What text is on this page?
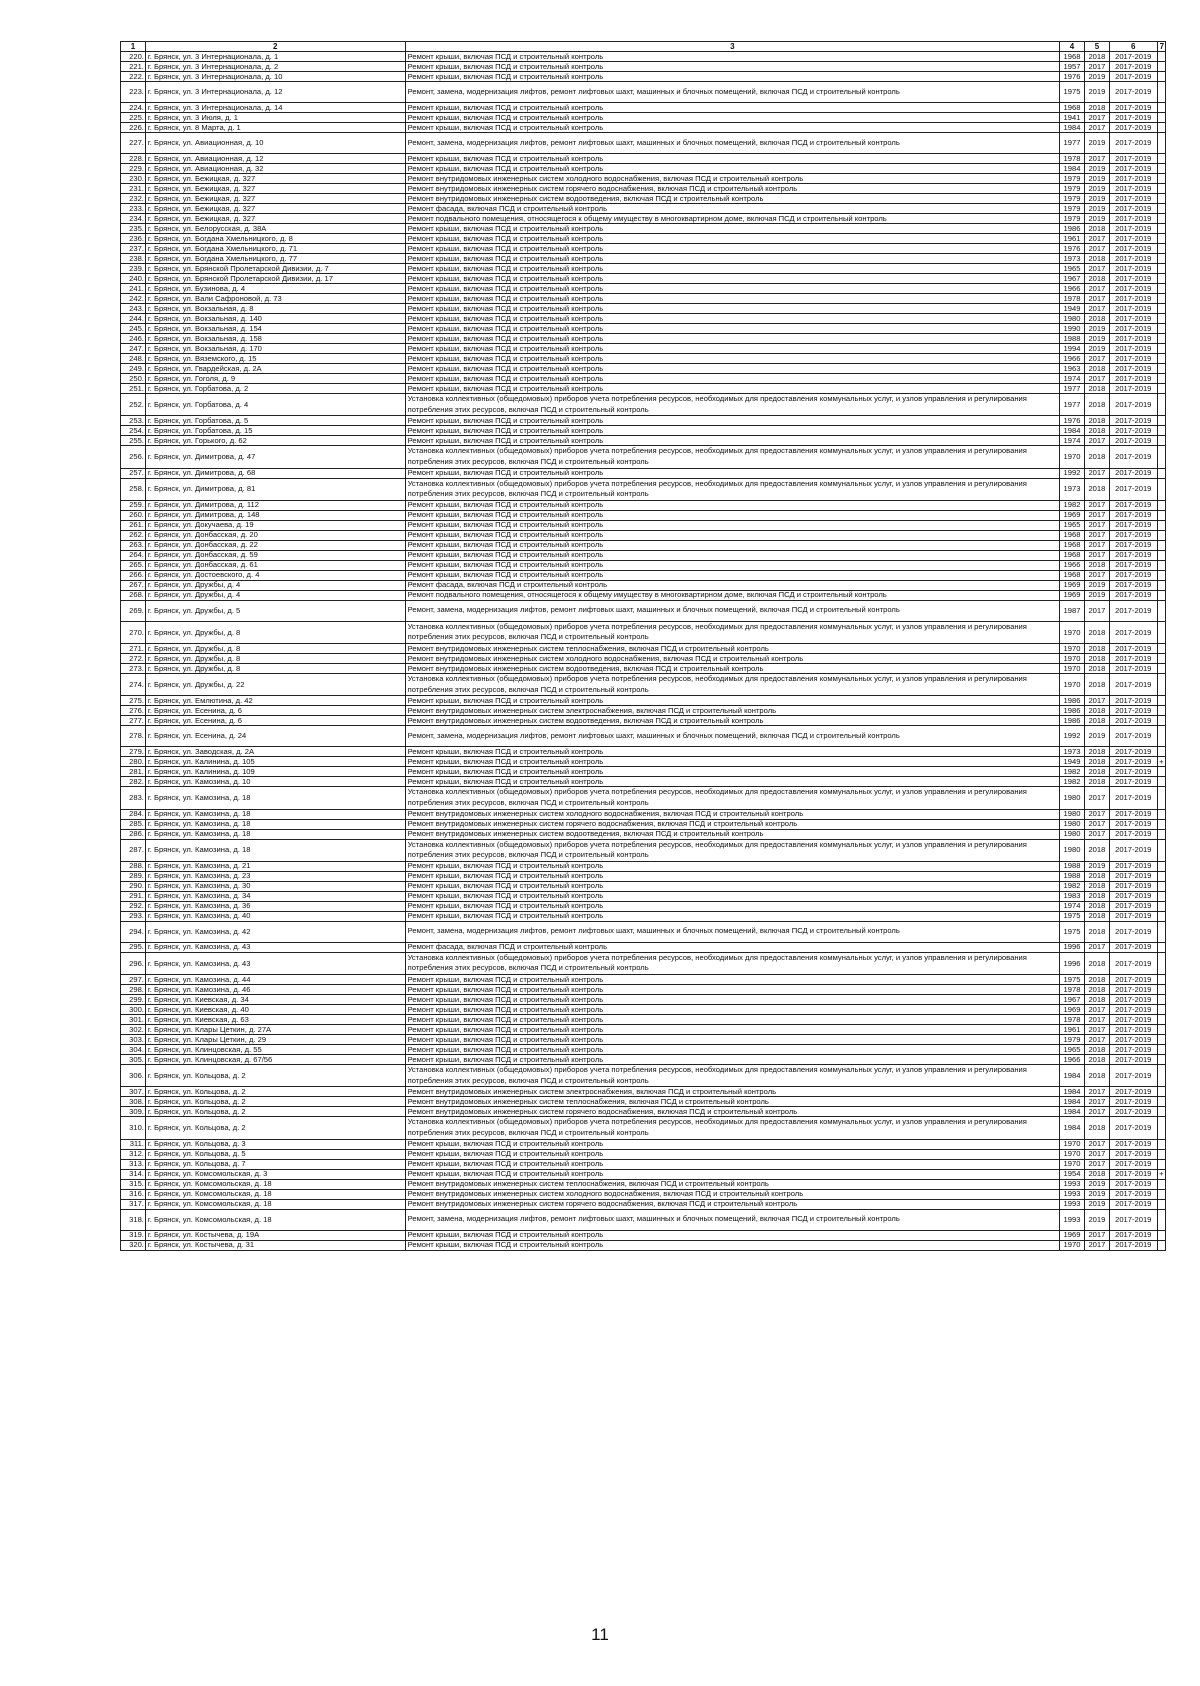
1	2	3	4	5	6	7
220.	г. Брянск, ул. 3 Интернационала, д. 1	Ремонт крыши, включая ПСД и строительный контроль	1968	2018	2017-2019	
221.	г. Брянск, ул. 3 Интернационала, д. 2	Ремонт крыши, включая ПСД и строительный контроль	1957	2017	2017-2019	
222.	г. Брянск, ул. 3 Интернационала, д. 10	Ремонт крыши, включая ПСД и строительный контроль	1976	2019	2017-2019	
223.	г. Брянск, ул. 3 Интернационала, д. 12	Ремонт, замена, модернизация лифтов, ремонт лифтовых шахт, машинных и блочных помещений, включая ПСД и строительный контроль	1975	2019	2017-2019	
224.	г. Брянск, ул. 3 Интернационала, д. 14	Ремонт крыши, включая ПСД и строительный контроль	1968	2018	2017-2019	
225.	г. Брянск, ул. 3 Июля, д. 1	Ремонт крыши, включая ПСД и строительный контроль	1941	2017	2017-2019	
226.	г. Брянск, ул. 8 Марта, д. 1	Ремонт крыши, включая ПСД и строительный контроль	1984	2017	2017-2019	
227.	г. Брянск, ул. Авиационная, д. 10	Ремонт, замена, модернизация лифтов, ремонт лифтовых шахт, машинных и блочных помещений, включая ПСД и строительный контроль	1977	2019	2017-2019	
228.	г. Брянск, ул. Авиационная, д. 12	Ремонт крыши, включая ПСД и строительный контроль	1978	2017	2017-2019	
229.	г. Брянск, ул. Авиационная, д. 32	Ремонт крыши, включая ПСД и строительный контроль	1984	2019	2017-2019	
230.	г. Брянск, ул. Бежицкая, д. 327	Ремонт внутридомовых инженерных систем холодного водоснабжения, включая ПСД и строительный контроль	1979	2019	2017-2019	
231.	г. Брянск, ул. Бежицкая, д. 327	Ремонт внутридомовых инженерных систем горячего водоснабжения, включая ПСД и строительный контроль	1979	2019	2017-2019	
232.	г. Брянск, ул. Бежицкая, д. 327	Ремонт внутридомовых инженерных систем водоотведения, включая ПСД и строительный контроль	1979	2019	2017-2019	
233.	г. Брянск, ул. Бежицкая, д. 327	Ремонт фасада, включая ПСД и строительный контроль	1979	2019	2017-2019	
234.	г. Брянск, ул. Бежицкая, д. 327	Ремонт подвального помещения, относящегося к общему имуществу в многоквартирном доме, включая ПСД и строительный контроль	1979	2019	2017-2019	
235.	г. Брянск, ул. Белорусская, д. 38А	Ремонт крыши, включая ПСД и строительный контроль	1986	2018	2017-2019	
236.	г. Брянск, ул. Богдана Хмельницкого, д. 8	Ремонт крыши, включая ПСД и строительный контроль	1961	2017	2017-2019	
237.	г. Брянск, ул. Богдана Хмельницкого, д. 71	Ремонт крыши, включая ПСД и строительный контроль	1976	2017	2017-2019	
238.	г. Брянск, ул. Богдана Хмельницкого, д. 77	Ремонт крыши, включая ПСД и строительный контроль	1973	2018	2017-2019	
239.	г. Брянск, ул. Брянской Пролетарской Дивизии, д. 7	Ремонт крыши, включая ПСД и строительный контроль	1965	2017	2017-2019	
240.	г. Брянск, ул. Брянской Пролетарской Дивизии, д. 17	Ремонт крыши, включая ПСД и строительный контроль	1967	2018	2017-2019	
241.	г. Брянск, ул. Бузинова, д. 4	Ремонт крыши, включая ПСД и строительный контроль	1966	2017	2017-2019	
242.	г. Брянск, ул. Вали Сафроновой, д. 73	Ремонт крыши, включая ПСД и строительный контроль	1978	2017	2017-2019	
243.	г. Брянск, ул. Вокзальная, д. 8	Ремонт крыши, включая ПСД и строительный контроль	1949	2017	2017-2019	
244.	г. Брянск, ул. Вокзальная, д. 140	Ремонт крыши, включая ПСД и строительный контроль	1980	2018	2017-2019	
245.	г. Брянск, ул. Вокзальная, д. 154	Ремонт крыши, включая ПСД и строительный контроль	1990	2019	2017-2019	
246.	г. Брянск, ул. Вокзальная, д. 158	Ремонт крыши, включая ПСД и строительный контроль	1988	2019	2017-2019	
247.	г. Брянск, ул. Вокзальная, д. 170	Ремонт крыши, включая ПСД и строительный контроль	1994	2019	2017-2019	
248.	г. Брянск, ул. Вяземского, д. 15	Ремонт крыши, включая ПСД и строительный контроль	1966	2017	2017-2019	
249.	г. Брянск, ул. Гвардейская, д. 2А	Ремонт крыши, включая ПСД и строительный контроль	1963	2018	2017-2019	
250.	г. Брянск, ул. Гоголя, д. 9	Ремонт крыши, включая ПСД и строительный контроль	1974	2017	2017-2019	
251.	г. Брянск, ул. Горбатова, д. 2	Ремонт крыши, включая ПСД и строительный контроль	1977	2018	2017-2019	
252.	г. Брянск, ул. Горбатова, д. 4	Установка коллективных (общедомовых) приборов учета потребления ресурсов, необходимых для предоставления коммунальных услуг, и узлов управления и регулирования потребления этих ресурсов, включая ПСД и строительный контроль	1977	2018	2017-2019	
253.	г. Брянск, ул. Горбатова, д. 5	Ремонт крыши, включая ПСД и строительный контроль	1976	2018	2017-2019	
254.	г. Брянск, ул. Горбатова, д. 15	Ремонт крыши, включая ПСД и строительный контроль	1984	2018	2017-2019	
255.	г. Брянск, ул. Горького, д. 62	Ремонт крыши, включая ПСД и строительный контроль	1974	2017	2017-2019	
256.	г. Брянск, ул. Димитрова, д. 47	Установка коллективных (общедомовых) приборов учета потребления ресурсов, необходимых для предоставления коммунальных услуг, и узлов управления и регулирования потребления этих ресурсов, включая ПСД и строительный контроль	1970	2018	2017-2019	
257.	г. Брянск, ул. Димитрова, д. 68	Ремонт крыши, включая ПСД и строительный контроль	1992	2017	2017-2019	
258.	г. Брянск, ул. Димитрова, д. 81	Установка коллективных (общедомовых) приборов учета потребления ресурсов, необходимых для предоставления коммунальных услуг, и узлов управления и регулирования потребления этих ресурсов, включая ПСД и строительный контроль	1973	2018	2017-2019	
259.	г. Брянск, ул. Димитрова, д. 112	Ремонт крыши, включая ПСД и строительный контроль	1982	2017	2017-2019	
260.	г. Брянск, ул. Димитрова, д. 148	Ремонт крыши, включая ПСД и строительный контроль	1969	2017	2017-2019	
261.	г. Брянск, ул. Докучаева, д. 19	Ремонт крыши, включая ПСД и строительный контроль	1965	2017	2017-2019	
262.	г. Брянск, ул. Донбасская, д. 20	Ремонт крыши, включая ПСД и строительный контроль	1968	2017	2017-2019	
263.	г. Брянск, ул. Донбасская, д. 22	Ремонт крыши, включая ПСД и строительный контроль	1968	2017	2017-2019	
264.	г. Брянск, ул. Донбасская, д. 59	Ремонт крыши, включая ПСД и строительный контроль	1968	2017	2017-2019	
265.	г. Брянск, ул. Донбасская, д. 61	Ремонт крыши, включая ПСД и строительный контроль	1966	2018	2017-2019	
266.	г. Брянск, ул. Достоевского, д. 4	Ремонт крыши, включая ПСД и строительный контроль	1968	2017	2017-2019	
267.	г. Брянск, ул. Дружбы, д. 4	Ремонт фасада, включая ПСД и строительный контроль	1969	2019	2017-2019	
268.	г. Брянск, ул. Дружбы, д. 4	Ремонт подвального помещения, относящегося к общему имуществу в многоквартирном доме, включая ПСД и строительный контроль	1969	2019	2017-2019	
269.	г. Брянск, ул. Дружбы, д. 5	Ремонт, замена, модернизация лифтов, ремонт лифтовых шахт, машинных и блочных помещений, включая ПСД и строительный контроль	1987	2017	2017-2019	
270.	г. Брянск, ул. Дружбы, д. 8	Установка коллективных (общедомовых) приборов учета потребления ресурсов, необходимых для предоставления коммунальных услуг, и узлов управления и регулирования потребления этих ресурсов, включая ПСД и строительный контроль	1970	2018	2017-2019	
271.	г. Брянск, ул. Дружбы, д. 8	Ремонт внутридомовых инженерных систем теплоснабжения, включая ПСД и строительный контроль	1970	2018	2017-2019	
272.	г. Брянск, ул. Дружбы, д. 8	Ремонт внутридомовых инженерных систем холодного водоснабжения, включая ПСД и строительный контроль	1970	2018	2017-2019	
273.	г. Брянск, ул. Дружбы, д. 8	Ремонт внутридомовых инженерных систем водоотведения, включая ПСД и строительный контроль	1970	2018	2017-2019	
274.	г. Брянск, ул. Дружбы, д. 22	Установка коллективных (общедомовых) приборов учета потребления ресурсов, необходимых для предоставления коммунальных услуг, и узлов управления и регулирования потребления этих ресурсов, включая ПСД и строительный контроль	1970	2018	2017-2019	
275.	г. Брянск, ул. Емлютина, д. 42	Ремонт крыши, включая ПСД и строительный контроль	1986	2017	2017-2019	
276.	г. Брянск, ул. Есенина, д. 6	Ремонт внутридомовых инженерных систем электроснабжения, включая ПСД и строительный контроль	1986	2018	2017-2019	
277.	г. Брянск, ул. Есенина, д. 6	Ремонт внутридомовых инженерных систем водоотведения, включая ПСД и строительный контроль	1986	2018	2017-2019	
278.	г. Брянск, ул. Есенина, д. 24	Ремонт, замена, модернизация лифтов, ремонт лифтовых шахт, машинных и блочных помещений, включая ПСД и строительный контроль	1992	2019	2017-2019	
279.	г. Брянск, ул. Заводская, д. 2А	Ремонт крыши, включая ПСД и строительный контроль	1973	2018	2017-2019	
280.	г. Брянск, ул. Калинина, д. 105	Ремонт крыши, включая ПСД и строительный контроль	1949	2018	2017-2019	+
281.	г. Брянск, ул. Калинина, д. 109	Ремонт крыши, включая ПСД и строительный контроль	1982	2018	2017-2019	
282.	г. Брянск, ул. Камозина, д. 10	Ремонт крыши, включая ПСД и строительный контроль	1982	2018	2017-2019	
283.	г. Брянск, ул. Камозина, д. 18	Установка коллективных (общедомовых) приборов учета потребления ресурсов, необходимых для предоставления коммунальных услуг, и узлов управления и регулирования потребления этих ресурсов, включая ПСД и строительный контроль	1980	2017	2017-2019	
284.	г. Брянск, ул. Камозина, д. 18	Ремонт внутридомовых инженерных систем холодного водоснабжения, включая ПСД и строительный контроль	1980	2017	2017-2019	
285.	г. Брянск, ул. Камозина, д. 18	Ремонт внутридомовых инженерных систем горячего водоснабжения, включая ПСД и строительный контроль	1980	2017	2017-2019	
286.	г. Брянск, ул. Камозина, д. 18	Ремонт внутридомовых инженерных систем водоотведения, включая ПСД и строительный контроль	1980	2017	2017-2019	
287.	г. Брянск, ул. Камозина, д. 18	Установка коллективных (общедомовых) приборов учета потребления ресурсов, необходимых для предоставления коммунальных услуг, и узлов управления и регулирования потребления этих ресурсов, включая ПСД и строительный контроль	1980	2018	2017-2019	
288.	г. Брянск, ул. Камозина, д. 21	Ремонт крыши, включая ПСД и строительный контроль	1988	2019	2017-2019	
289.	г. Брянск, ул. Камозина, д. 23	Ремонт крыши, включая ПСД и строительный контроль	1988	2018	2017-2019	
290.	г. Брянск, ул. Камозина, д. 30	Ремонт крыши, включая ПСД и строительный контроль	1982	2018	2017-2019	
291.	г. Брянск, ул. Камозина, д. 34	Ремонт крыши, включая ПСД и строительный контроль	1983	2018	2017-2019	
292.	г. Брянск, ул. Камозина, д. 36	Ремонт крыши, включая ПСД и строительный контроль	1974	2018	2017-2019	
293.	г. Брянск, ул. Камозина, д. 40	Ремонт крыши, включая ПСД и строительный контроль	1975	2018	2017-2019	
294.	г. Брянск, ул. Камозина, д. 42	Ремонт, замена, модернизация лифтов, ремонт лифтовых шахт, машинных и блочных помещений, включая ПСД и строительный контроль	1975	2018	2017-2019	
295.	г. Брянск, ул. Камозина, д. 43	Ремонт фасада, включая ПСД и строительный контроль	1996	2017	2017-2019	
296.	г. Брянск, ул. Камозина, д. 43	Установка коллективных (общедомовых) приборов учета потребления ресурсов, необходимых для предоставления коммунальных услуг, и узлов управления и регулирования потребления этих ресурсов, включая ПСД и строительный контроль	1996	2018	2017-2019	
297.	г. Брянск, ул. Камозина, д. 44	Ремонт крыши, включая ПСД и строительный контроль	1975	2018	2017-2019	
298.	г. Брянск, ул. Камозина, д. 46	Ремонт крыши, включая ПСД и строительный контроль	1978	2018	2017-2019	
299.	г. Брянск, ул. Киевская, д. 34	Ремонт крыши, включая ПСД и строительный контроль	1967	2018	2017-2019	
300.	г. Брянск, ул. Киевская, д. 40	Ремонт крыши, включая ПСД и строительный контроль	1969	2017	2017-2019	
301.	г. Брянск, ул. Киевская, д. 63	Ремонт крыши, включая ПСД и строительный контроль	1978	2017	2017-2019	
302.	г. Брянск, ул. Клары Цеткин, д. 27А	Ремонт крыши, включая ПСД и строительный контроль	1961	2017	2017-2019	
303.	г. Брянск, ул. Клары Цеткин, д. 29	Ремонт крыши, включая ПСД и строительный контроль	1979	2017	2017-2019	
304.	г. Брянск, ул. Клинцовская, д. 55	Ремонт крыши, включая ПСД и строительный контроль	1965	2018	2017-2019	
305.	г. Брянск, ул. Клинцовская, д. 67/56	Ремонт крыши, включая ПСД и строительный контроль	1966	2018	2017-2019	
306.	г. Брянск, ул. Кольцова, д. 2	Установка коллективных (общедомовых) приборов учета потребления ресурсов, необходимых для предоставления коммунальных услуг, и узлов управления и регулирования потребления этих ресурсов, включая ПСД и строительный контроль	1984	2018	2017-2019	
307.	г. Брянск, ул. Кольцова, д. 2	Ремонт внутридомовых инженерных систем электроснабжения, включая ПСД и строительный контроль	1984	2017	2017-2019	
308.	г. Брянск, ул. Кольцова, д. 2	Ремонт внутридомовых инженерных систем теплоснабжения, включая ПСД и строительный контроль	1984	2017	2017-2019	
309.	г. Брянск, ул. Кольцова, д. 2	Ремонт внутридомовых инженерных систем горячего водоснабжения, включая ПСД и строительный контроль	1984	2017	2017-2019	
310.	г. Брянск, ул. Кольцова, д. 2	Установка коллективных (общедомовых) приборов учета потребления ресурсов, необходимых для предоставления коммунальных услуг, и узлов управления и регулирования потребления этих ресурсов, включая ПСД и строительный контроль	1984	2018	2017-2019	
311.	г. Брянск, ул. Кольцова, д. 3	Ремонт крыши, включая ПСД и строительный контроль	1970	2017	2017-2019	
312.	г. Брянск, ул. Кольцова, д. 5	Ремонт крыши, включая ПСД и строительный контроль	1970	2017	2017-2019	
313.	г. Брянск, ул. Кольцова, д. 7	Ремонт крыши, включая ПСД и строительный контроль	1970	2017	2017-2019	
314.	г. Брянск, ул. Комсомольская, д. 3	Ремонт крыши, включая ПСД и строительный контроль	1954	2018	2017-2019	+
315.	г. Брянск, ул. Комсомольская, д. 18	Ремонт внутридомовых инженерных систем теплоснабжения, включая ПСД и строительный контроль	1993	2019	2017-2019	
316.	г. Брянск, ул. Комсомольская, д. 18	Ремонт внутридомовых инженерных систем холодного водоснабжения, включая ПСД и строительный контроль	1993	2019	2017-2019	
317.	г. Брянск, ул. Комсомольская, д. 18	Ремонт внутридомовых инженерных систем горячего водоснабжения, включая ПСД и строительный контроль	1993	2019	2017-2019	
318.	г. Брянск, ул. Комсомольская, д. 18	Ремонт, замена, модернизация лифтов, ремонт лифтовых шахт, машинных и блочных помещений, включая ПСД и строительный контроль	1993	2019	2017-2019	
319.	г. Брянск, ул. Костычева, д. 19А	Ремонт крыши, включая ПСД и строительный контроль	1969	2017	2017-2019	
320.	г. Брянск, ул. Костычева, д. 31	Ремонт крыши, включая ПСД и строительный контроль	1970	2017	2017-2019	
11
